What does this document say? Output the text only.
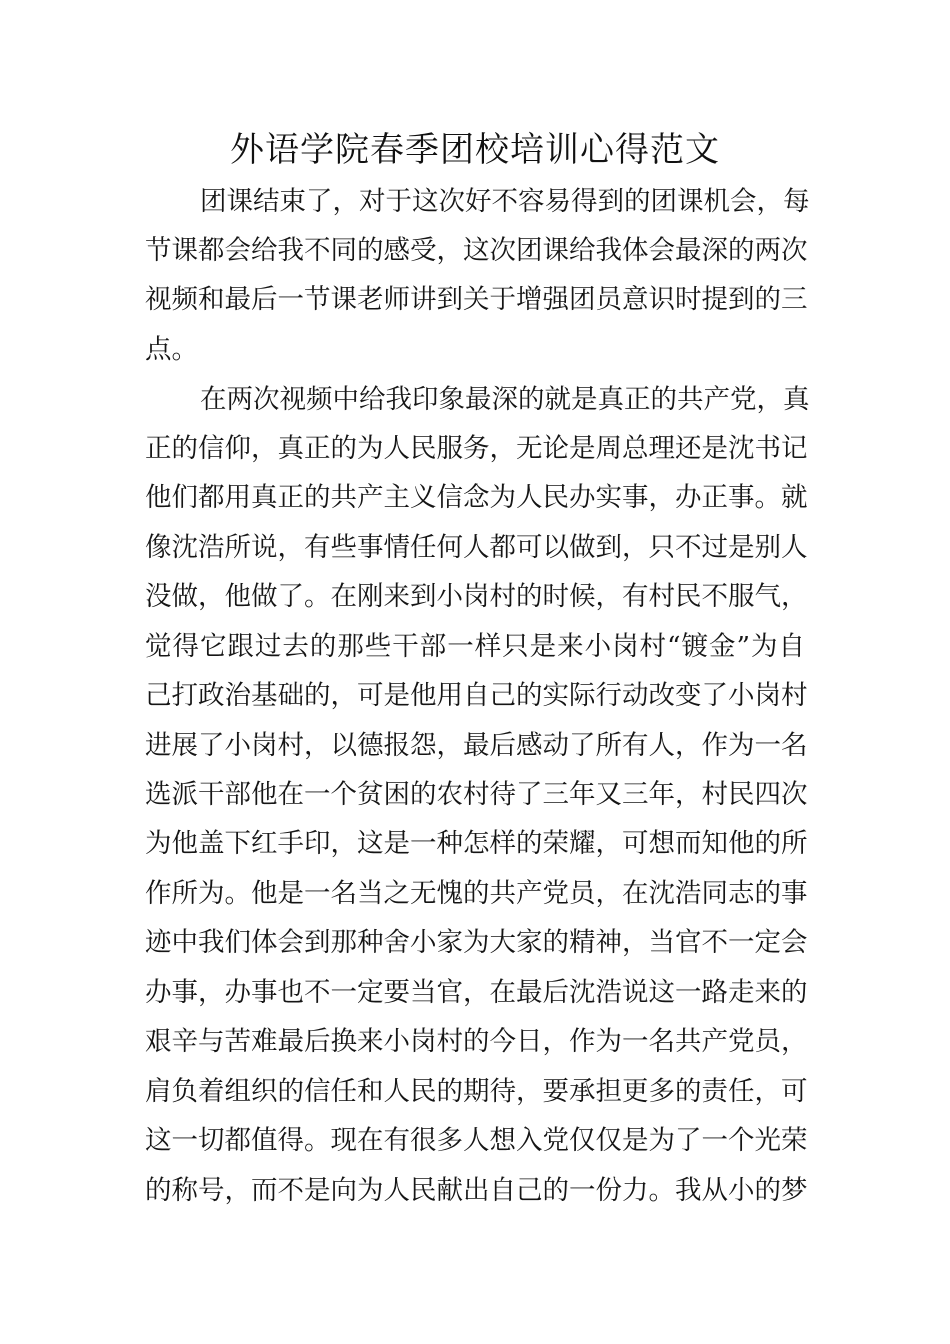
外语学院春季团校培训心得范文

团课结束了，对于这次好不容易得到的团课机会，每

节课都会给我不同的感受，这次团课给我体会最深的两次

视频和最后一节课老师讲到关于增强团员意识时提到的三

点。

在两次视频中给我印象最深的就是真正的共产党，真

正的信仰，真正的为人民服务，无论是周总理还是沈书记

他们都用真正的共产主义信念为人民办实事，办正事。就

像沈浩所说，有些事情任何人都可以做到，只不过是别人

没做，他做了。在刚来到小岗村的时候，有村民不服气，

觉得它跟过去的那些干部一样只是来小岗村“镀金”为自

己打政治基础的，可是他用自己的实际行动改变了小岗村

进展了小岗村，以德报怨，最后感动了所有人，作为一名

选派干部他在一个贫困的农村待了三年又三年，村民四次

为他盖下红手印，这是一种怎样的荣耀，可想而知他的所

作所为。他是一名当之无愧的共产党员，在沈浩同志的事

迹中我们体会到那种舍小家为大家的精神，当官不一定会

办事，办事也不一定要当官，在最后沈浩说这一路走来的

艰辛与苦难最后换来小岗村的今日，作为一名共产党员，

肩负着组织的信任和人民的期待，要承担更多的责任，可

这一切都值得。现在有很多人想入党仅仅是为了一个光荣

的称号，而不是向为人民献出自己的一份力。我从小的梦
